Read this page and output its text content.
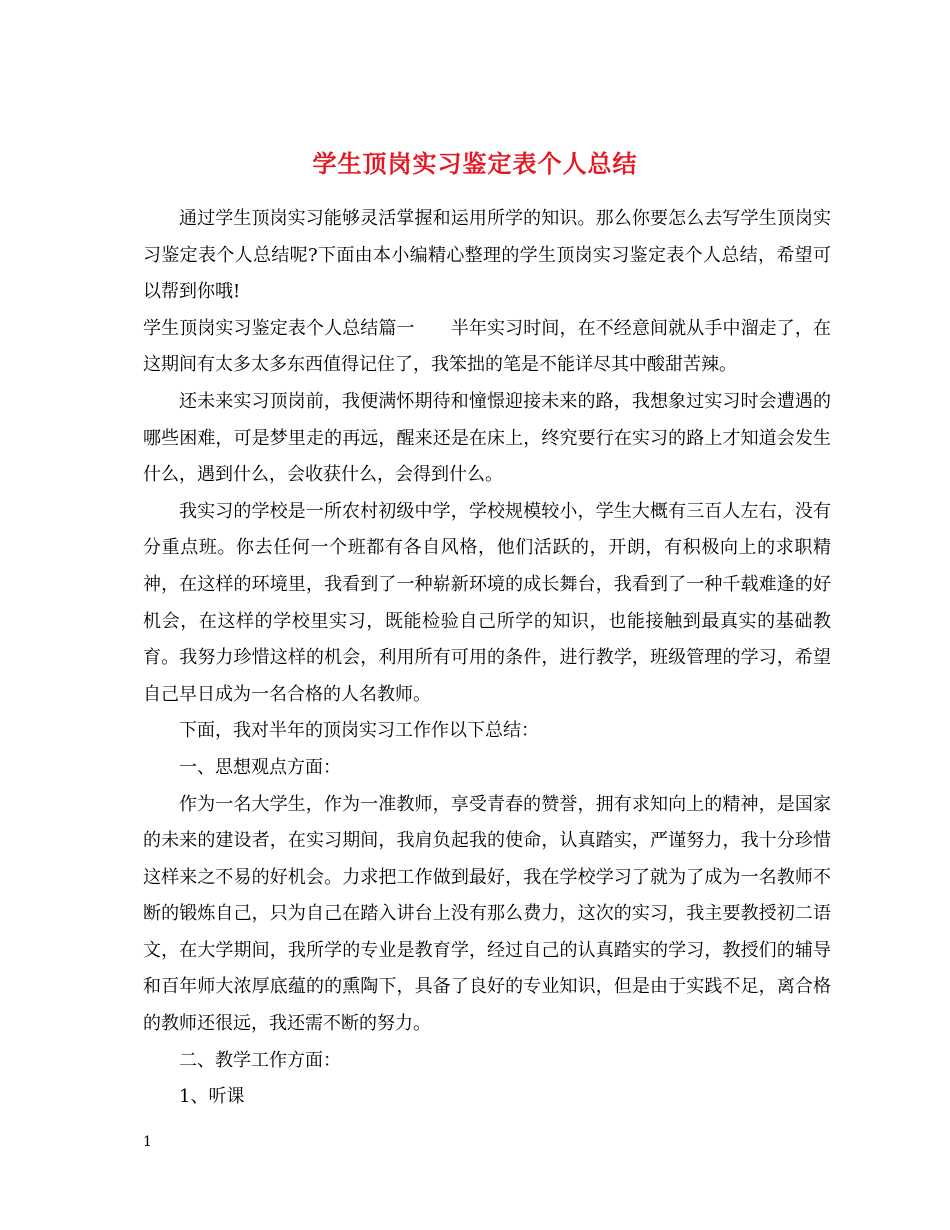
学生顶岗实习鉴定表个人总结

通过学生顶岗实习能够灵活掌握和运用所学的知识。那么你要怎么去写学生顶岗实习鉴定表个人总结呢?下面由本小编精心整理的学生顶岗实习鉴定表个人总结，希望可以帮到你哦!

学生顶岗实习鉴定表个人总结篇一　　半年实习时间，在不经意间就从手中溜走了，在这期间有太多太多东西值得记住了，我笨拙的笔是不能详尽其中酸甜苦辣。

还未来实习顶岗前，我便满怀期待和憧憬迎接未来的路，我想象过实习时会遭遇的哪些困难，可是梦里走的再远，醒来还是在床上，终究要行在实习的路上才知道会发生什么，遇到什么，会收获什么，会得到什么。

我实习的学校是一所农村初级中学，学校规模较小，学生大概有三百人左右，没有分重点班。你去任何一个班都有各自风格，他们活跃的，开朗，有积极向上的求职精神，在这样的环境里，我看到了一种崭新环境的成长舞台，我看到了一种千载难逢的好机会，在这样的学校里实习，既能检验自己所学的知识，也能接触到最真实的基础教育。我努力珍惜这样的机会，利用所有可用的条件，进行教学，班级管理的学习，希望自己早日成为一名合格的人名教师。

下面，我对半年的顶岗实习工作作以下总结：

一、思想观点方面：

作为一名大学生，作为一准教师，享受青春的赞誉，拥有求知向上的精神，是国家的未来的建设者，在实习期间，我肩负起我的使命，认真踏实，严谨努力，我十分珍惜这样来之不易的好机会。力求把工作做到最好，我在学校学习了就为了成为一名教师不断的锻炼自己，只为自己在踏入讲台上没有那么费力，这次的实习，我主要教授初二语文，在大学期间，我所学的专业是教育学，经过自己的认真踏实的学习，教授们的辅导和百年师大浓厚底蕴的的熏陶下，具备了良好的专业知识，但是由于实践不足，离合格的教师还很远，我还需不断的努力。

二、教学工作方面：

1、听课

1
